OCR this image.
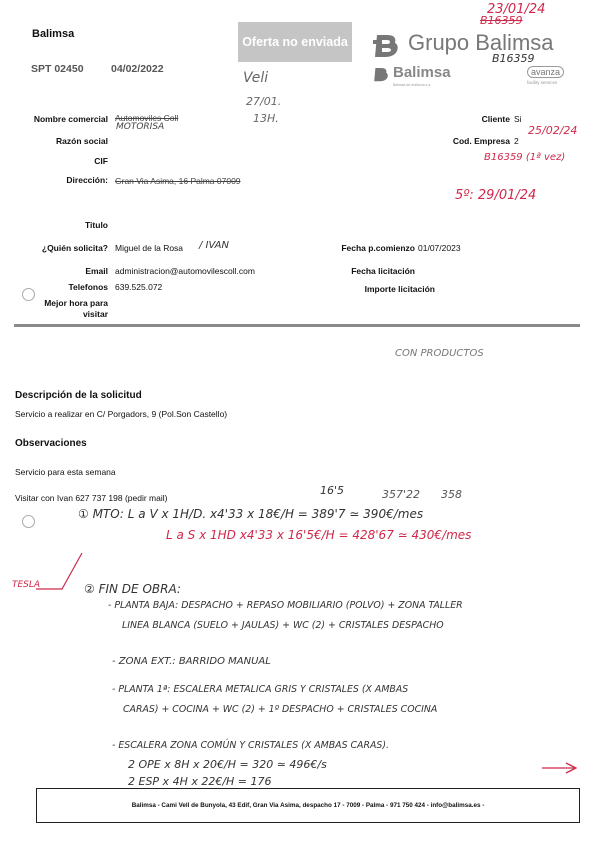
Balimsa
SPT 02450	04/02/2022
Oferta no enviada	Grupo Balimsa
Balimsa
Balimsa de mallorca s.a.
avanza
facility services
23/01/24
B16359
B16359
Veli
27/01.
13H.
Nombre comercial Automoviles Coll
MOTORISA
Razón social
CIF
Dirección: Gran Via Asima, 16 Palma 07009
Cliente Si
Cod. Empresa 2
25/02/24
B16359 (1ª vez)
5º: 29/01/24
Titulo
¿Quién solicita? Miguel de la Rosa / IVAN
Email administracion@automovilescoll.com
Telefonos 639.525.072
Mejor hora para
visitar
Fecha p.comienzo 01/07/2023
Fecha licitación
Importe licitación
CON PRODUCTOS
Descripción de la solicitud
Servicio a realizar en C/ Porgadors, 9 (Pol.Son Castello)
Observaciones
Servicio para esta semana
Visitar con Ivan 627 737 198 (pedir mail)
16'5	357'22 358
① MTO: L a V x 1H/D. x4'33 x 18€/H = 389'7 ≃ 390€/mes
L a S x 1HD x4'33 x 16'5€/H = 428'67 ≃ 430€/mes
TESLA	② FIN DE OBRA:
- PLANTA BAJA: DESPACHO + REPASO MOBILIARIO (POLVO) + ZONA TALLER
LINEA BLANCA (SUELO + JAULAS) + WC (2) + CRISTALES DESPACHO
- ZONA EXT.: BARRIDO MANUAL
- PLANTA 1ª: ESCALERA METALICA GRIS Y CRISTALES (X AMBAS
CARAS) + COCINA + WC (2) + 1º DESPACHO + CRISTALES COCINA
- ESCALERA ZONA COMÚN Y CRISTALES (X AMBAS CARAS).
2 OPE x 8H x 20€/H = 320 ≃ 496€/s
2 ESP x 4H x 22€/H = 176
Balimsa - Cami Vell de Bunyola, 43 Edif, Gran Via Asima, despacho 17 - 7009 - Palma - 971 750 424 - info@balimsa.es -
